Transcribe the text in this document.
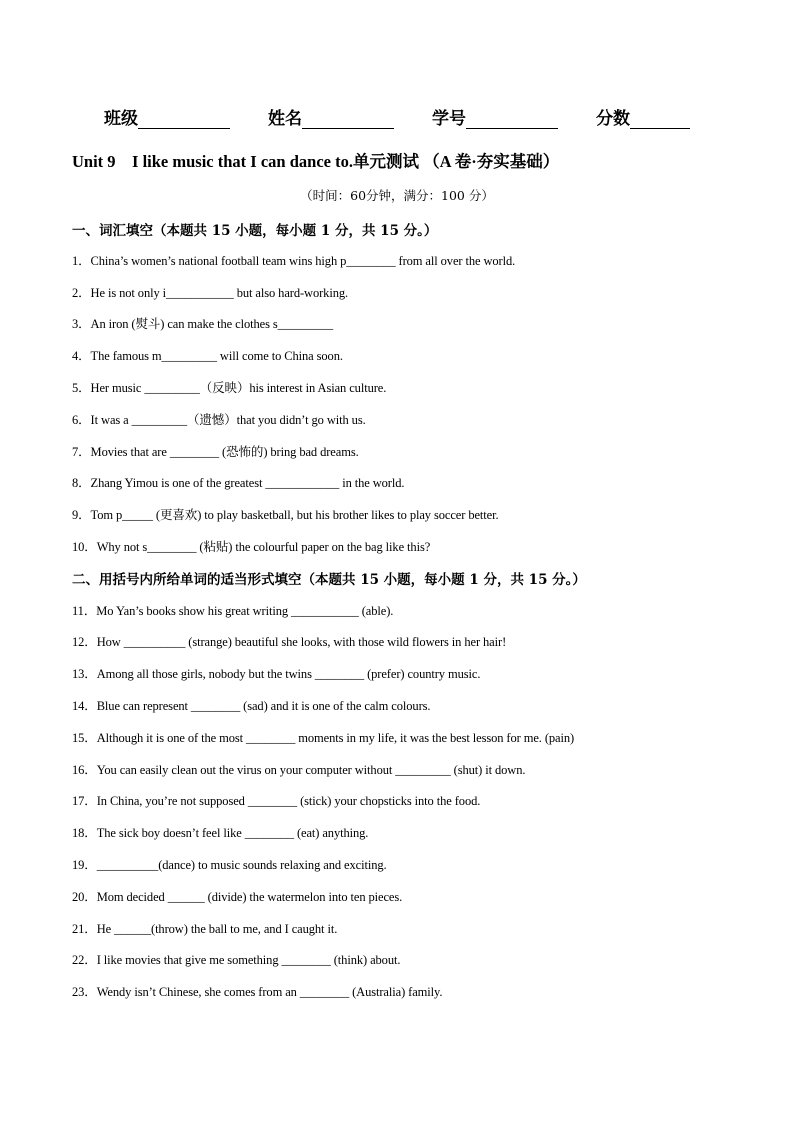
班级	姓名	学号	分数
Unit 9　I like music that I can dance to.单元测试 （A 卷·夯实基础）
（时间：60分钟，满分：100 分）
一、词汇填空（本题共 15 小题，每小题 1 分，共 15 分。）
1．China’s women’s national football team wins high p________ from all over the world.
2．He is not only i___________ but also hard-working.
3．An iron (熨斗) can make the clothes s_________
4．The famous m_________ will come to China soon.
5．Her music _________（反映）his interest in Asian culture.
6．It was a _________（遗憾）that you didn’t go with us.
7．Movies that are ________ (恐怖的) bring bad dreams.
8．Zhang Yimou is one of the greatest ____________ in the world.
9．Tom p_____ (更喜欢) to play basketball, but his brother likes to play soccer better.
10．Why not s________ (粘贴) the colourful paper on the bag like this?
二、用括号内所给单词的适当形式填空（本题共 15 小题，每小题 1 分，共 15 分。）
11．Mo Yan’s books show his great writing ___________ (able).
12．How __________ (strange) beautiful she looks, with those wild flowers in her hair!
13．Among all those girls, nobody but the twins ________ (prefer) country music.
14．Blue can represent ________ (sad) and it is one of the calm colours.
15．Although it is one of the most ________ moments in my life, it was the best lesson for me. (pain)
16．You can easily clean out the virus on your computer without _________ (shut) it down.
17．In China, you’re not supposed ________ (stick) your chopsticks into the food.
18．The sick boy doesn’t feel like ________ (eat) anything.
19．__________(dance) to music sounds relaxing and exciting.
20．Mom decided ______ (divide) the watermelon into ten pieces.
21．He ______(throw) the ball to me, and I caught it.
22．I like movies that give me something ________ (think) about.
23．Wendy isn’t Chinese, she comes from an ________ (Australia) family.
